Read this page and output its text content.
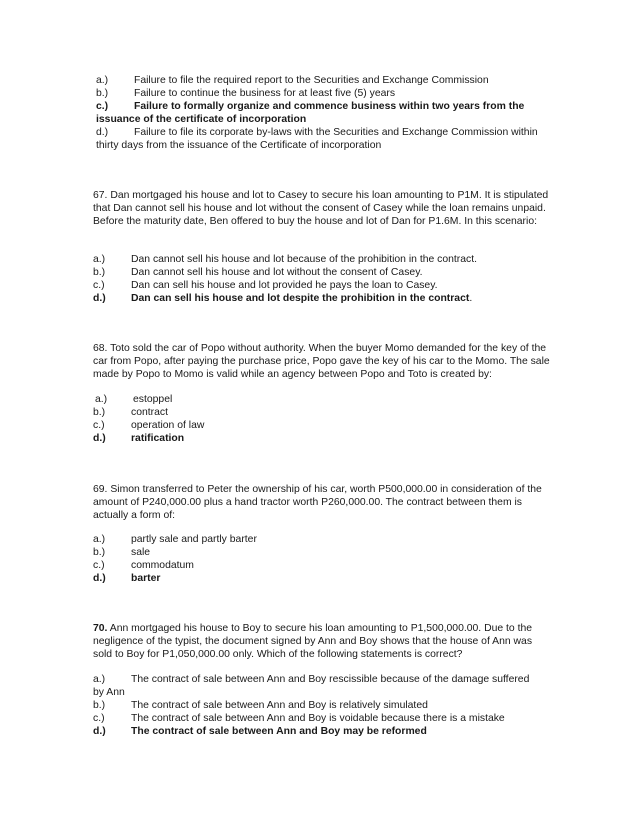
a.)	Failure to file the required report to the Securities and Exchange Commission
b.)	Failure to continue the business for at least five (5) years
c.)	Failure to formally organize and commence business within two years from the
issuance of the certificate of incorporation
d.)	Failure to file its corporate by-laws with the Securities and Exchange Commission within
thirty days from the issuance of the Certificate of incorporation
67. Dan mortgaged his house and lot to Casey to secure his loan amounting to P1M. It is stipulated that Dan cannot sell his house and lot without the consent of Casey while the loan remains unpaid. Before the maturity date, Ben offered to buy the house and lot of Dan for P1.6M. In this scenario:
a.)	Dan cannot sell his house and lot because of the prohibition in the contract.
b.)	Dan cannot sell his house and lot without the consent of Casey.
c.)	Dan can sell his house and lot provided he pays the loan to Casey.
d.)	Dan can sell his house and lot despite the prohibition in the contract.
68. Toto sold the car of Popo without authority. When the buyer Momo demanded for the key of the car from Popo, after paying the purchase price, Popo gave the key of his car to the Momo. The sale made by Popo to Momo is valid while an agency between Popo and Toto is created by:
a.)	estoppel
b.)	contract
c.)	operation of law
d.)	ratification
69. Simon transferred to Peter the ownership of his car, worth P500,000.00 in consideration of the amount of P240,000.00 plus a hand tractor worth P260,000.00. The contract between them is actually a form of:
a.)	partly sale and partly barter
b.)	sale
c.)	commodatum
d.)	barter
70. Ann mortgaged his house to Boy to secure his loan amounting to P1,500,000.00. Due to the negligence of the typist, the document signed by Ann and Boy shows that the house of Ann was sold to Boy for P1,050,000.00 only. Which of the following statements is correct?
a.)	The contract of sale between Ann and Boy rescissible because of the damage suffered
by Ann
b.)	The contract of sale between Ann and Boy is relatively simulated
c.)	The contract of sale between Ann and Boy is voidable because there is a mistake
d.)	The contract of sale between Ann and Boy may be reformed
